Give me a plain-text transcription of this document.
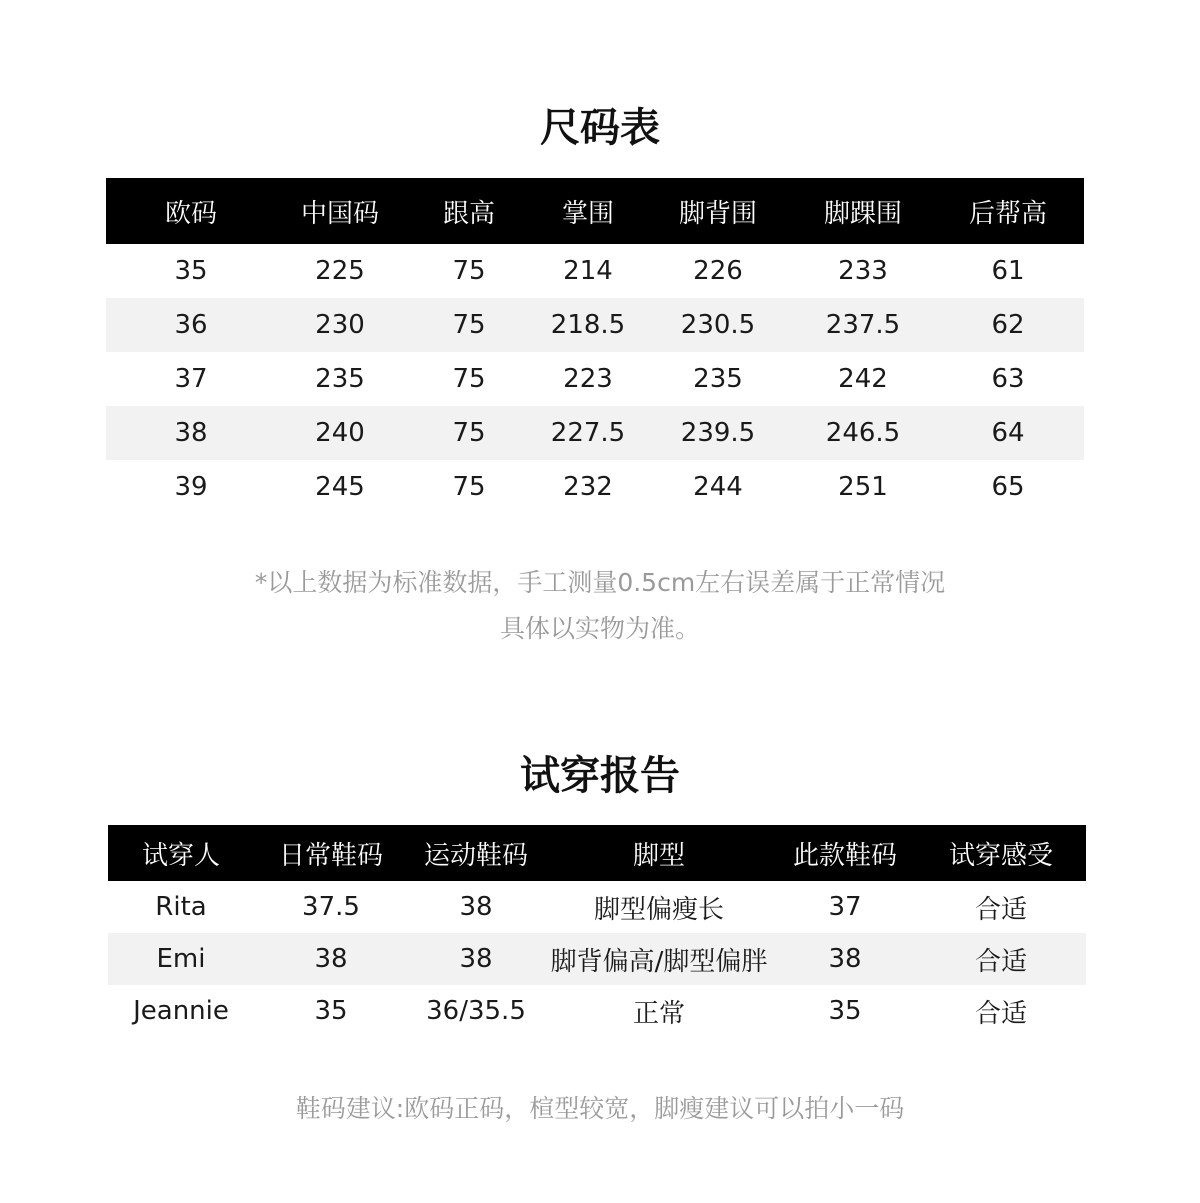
尺码表
欧码	中国码	跟高	掌围	脚背围	脚踝围	后帮高
35	225	75	214	226	233	61
36	230	75	218.5	230.5	237.5	62
37	235	75	223	235	242	63
38	240	75	227.5	239.5	246.5	64
39	245	75	232	244	251	65

*以上数据为标准数据，手工测量0.5cm左右误差属于正常情况

具体以实物为准。

试穿报告
试穿人	日常鞋码	运动鞋码	脚型	此款鞋码	试穿感受
Rita	37.5	38	脚型偏瘦长	37	合适
Emi	38	38	脚背偏高/脚型偏胖	38	合适
Jeannie	35	36/35.5	正常	35	合适

鞋码建议:欧码正码，楦型较宽，脚瘦建议可以拍小一码
